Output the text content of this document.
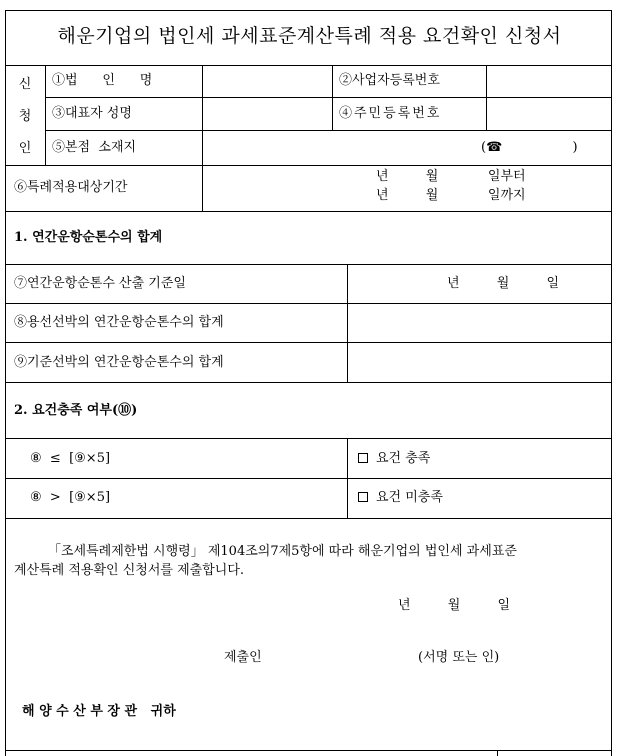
해운기업의 법인세 과세표준계산특례 적용 요건확인 신청서
신
청
인
①법      인      명	②사업자등록번호
③대표자 성명	④주민등록번호
⑤본점  소재지	(☎                 )
⑥특례적용대상기간
년         월            일부터
년         월            일까지
1. 연간운항순톤수의 합계
⑦연간운항순톤수 산출 기준일	년         월         일
⑧용선선박의 연간운항순톤수의 합계
⑨기준선박의 연간운항순톤수의 합계
2. 요건충족 여부(⑩)
⑧  ≤  [⑨×5]	요건 충족
⑧  >  [⑨×5]	요건 미충족
「조세특례제한법 시행령」 제104조의7제5항에 따라 해운기업의 법인세 과세표준
계산특례 적용확인 신청서를 제출합니다.
년         월         일
제출인	(서명 또는 인)
해 양 수 산 부 장 관   귀하
